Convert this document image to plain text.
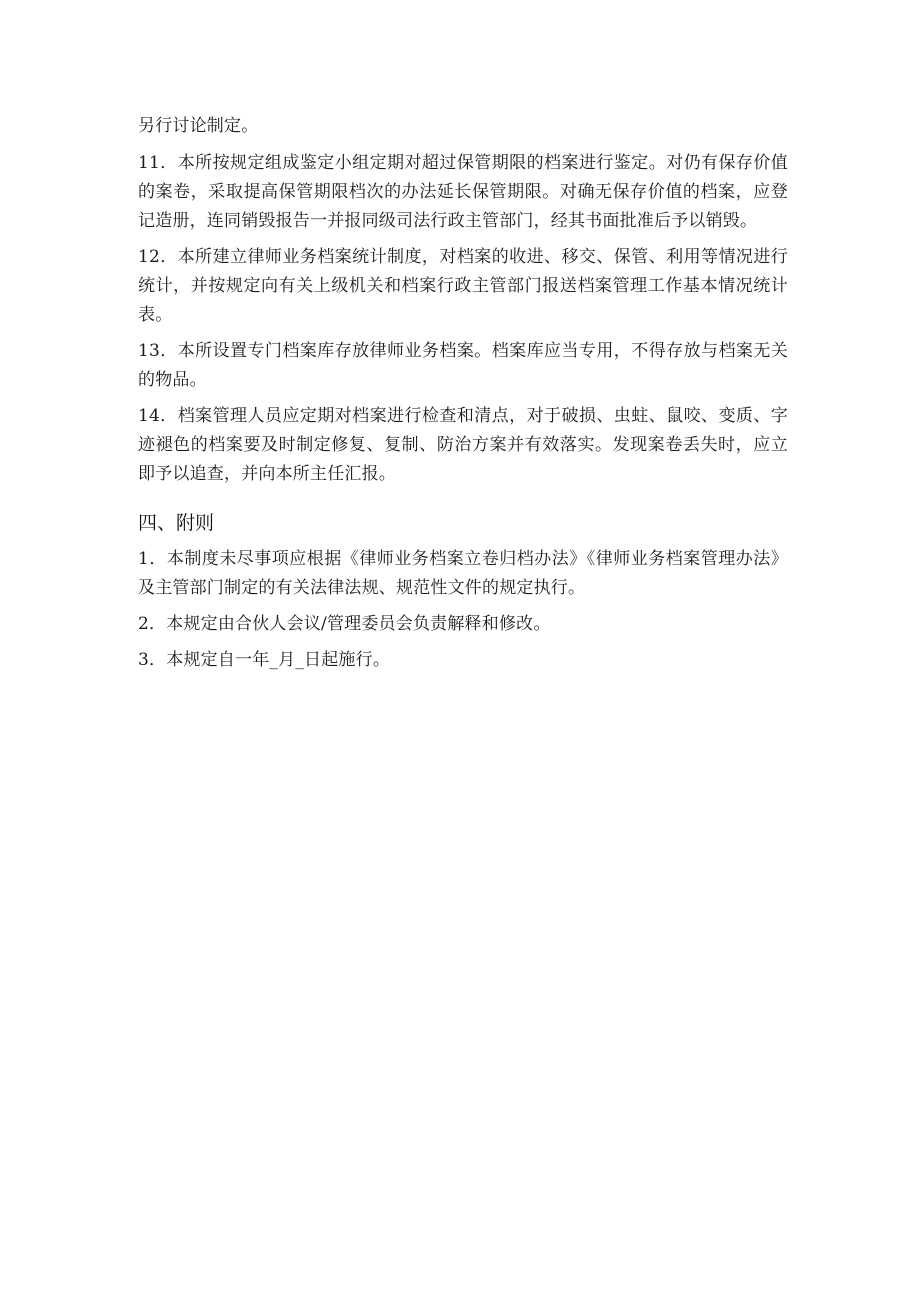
另行讨论制定。

11．本所按规定组成鉴定小组定期对超过保管期限的档案进行鉴定。对仍有保存价值的案卷，采取提高保管期限档次的办法延长保管期限。对确无保存价值的档案，应登记造册，连同销毁报告一并报同级司法行政主管部门，经其书面批准后予以销毁。

12．本所建立律师业务档案统计制度，对档案的收进、移交、保管、利用等情况进行统计，并按规定向有关上级机关和档案行政主管部门报送档案管理工作基本情况统计表。

13．本所设置专门档案库存放律师业务档案。档案库应当专用，不得存放与档案无关的物品。

14．档案管理人员应定期对档案进行检查和清点，对于破损、虫蛀、鼠咬、变质、字迹褪色的档案要及时制定修复、复制、防治方案并有效落实。发现案卷丢失时，应立即予以追查，并向本所主任汇报。

四、附则

1．本制度未尽事项应根据《律师业务档案立卷归档办法》《律师业务档案管理办法》及主管部门制定的有关法律法规、规范性文件的规定执行。

2．本规定由合伙人会议/管理委员会负责解释和修改。

3．本规定自一年_月_日起施行。
